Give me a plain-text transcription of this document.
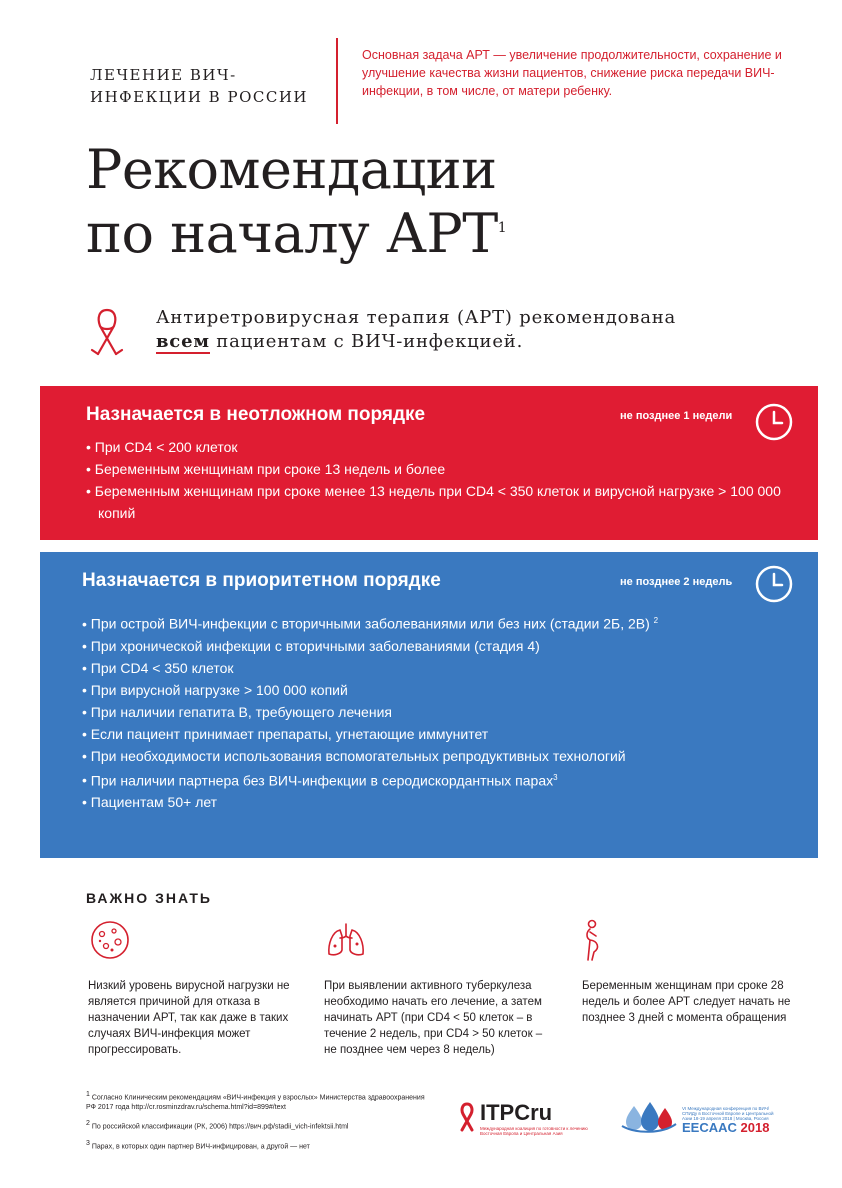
ЛЕЧЕНИЕ ВИЧ-
ИНФЕКЦИИ В РОССИИ
Основная задача АРТ — увеличение продолжительности, сохранение и улучшение качества жизни пациентов, снижение риска передачи ВИЧ-инфекции, в том числе, от матери ребенку.
Рекомендации
по началу АРТ$^1$
Антиретровирусная терапия (АРТ) рекомендована
всем пациентам с ВИЧ-инфекцией.
Назначается в неотложном порядке	не позднее 1 недели
• При CD4 < 200 клеток
• Беременным женщинам при сроке 13 недель и более
• Беременным женщинам при сроке менее 13 недель при CD4 < 350 клеток и вирусной нагрузке > 100 000 копий
Назначается в приоритетном порядке	не позднее 2 недель
• При острой ВИЧ-инфекции с вторичными заболеваниями или без них (стадии 2Б, 2В) $^2$
• При хронической инфекции с вторичными заболеваниями (стадия 4)
• При CD4 < 350 клеток
• При вирусной нагрузке > 100 000 копий
• При наличии гепатита B, требующего лечения
• Если пациент принимает препараты, угнетающие иммунитет
• При необходимости использования вспомогательных репродуктивных технологий
• При наличии партнера без ВИЧ-инфекции в серодискордантных парах$^3$
• Пациентам 50+ лет
ВАЖНО ЗНАТЬ
Низкий уровень вирусной нагрузки не является причиной для отказа в назначении АРТ, так как даже в таких случаях ВИЧ-инфекция может прогрессировать.
При выявлении активного туберкулеза необходимо начать его лечение, а затем начинать АРТ (при CD4 < 50 клеток – в течение 2 недель, при CD4 > 50 клеток – не позднее чем через 8 недель)
Беременным женщинам при сроке 28 недель и более АРТ следует начать не позднее 3 дней с момента обращения

$^1$ Согласно Клиническим рекомендациям «ВИЧ-инфекция у взрослых» Министерства здравоохранения РФ 2017 года http://cr.rosminzdrav.ru/schema.html?id=899#/text

$^2$ По российской классификации (РК, 2006) https://вич.рф/stadii_vich-infektsii.html

$^3$ Парах, в которых один партнер ВИЧ-инфицирован, а другой — нет

ITPCru
Международная коалиция по готовности к лечению Восточная Европа и Центральная Азия
VI Международная конференция по ВИЧ/СПИДу в Восточной Европе и Центральной Азии 18-19 апреля 2018 | Москва, Россия
EECAAC 2018
